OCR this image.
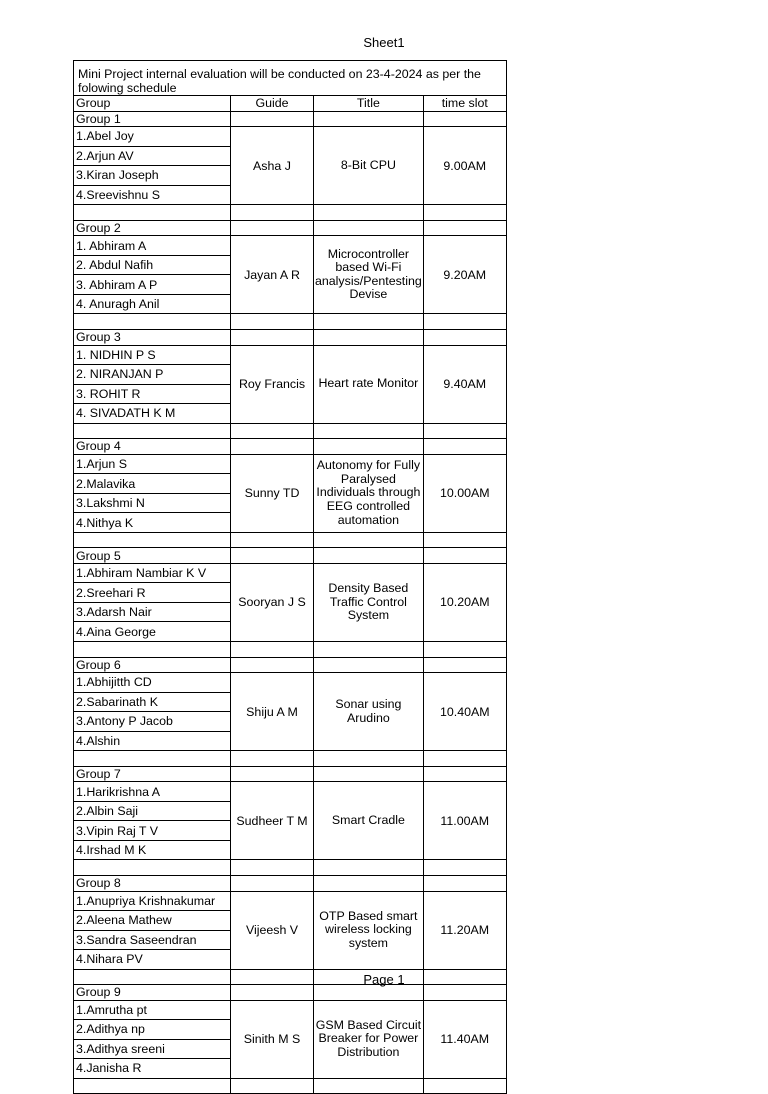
Sheet1
Mini Project internal evaluation will be conducted on 23-4-2024 as per the folowing schedule			
Group	Guide	Title	time slot
Group 1			
1.Abel Joy	Asha J	8-Bit CPU	9.00AM
2.Arjun AV			
3.Kiran Joseph			
4.Sreevishnu S			

Group 2			
1. Abhiram A	Jayan A R	Microcontroller based Wi-Fi analysis/Pentesting Devise	9.20AM
2. Abdul Nafih			
3. Abhiram A P			
4. Anuragh Anil			

Group 3			
1. NIDHIN P S	Roy Francis	Heart rate Monitor	9.40AM
2. NIRANJAN P			
3. ROHIT R			
4. SIVADATH K M			

Group 4			
1.Arjun S	Sunny TD	Autonomy for Fully Paralysed Individuals through EEG controlled automation	10.00AM
2.Malavika			
3.Lakshmi N			
4.Nithya K			

Group 5			
1.Abhiram Nambiar K V	Sooryan J S	Density Based Traffic Control System	10.20AM
2.Sreehari R			
3.Adarsh Nair			
4.Aina George			

Group 6			
1.Abhijitth CD	Shiju A M	Sonar using Arudino	10.40AM
2.Sabarinath K			
3.Antony P Jacob			
4.Alshin			

Group 7			
1.Harikrishna A	Sudheer T M	Smart Cradle	11.00AM
2.Albin Saji			
3.Vipin Raj T V			
4.Irshad M K			

Group 8			
1.Anupriya Krishnakumar	Vijeesh V	OTP Based smart wireless locking system	11.20AM
2.Aleena Mathew			
3.Sandra Saseendran			
4.Nihara PV			

Group 9			
1.Amrutha pt	Sinith M S	GSM Based Circuit Breaker for Power Distribution	11.40AM
2.Adithya np			
3.Adithya sreeni			
4.Janisha R			

Page 1
